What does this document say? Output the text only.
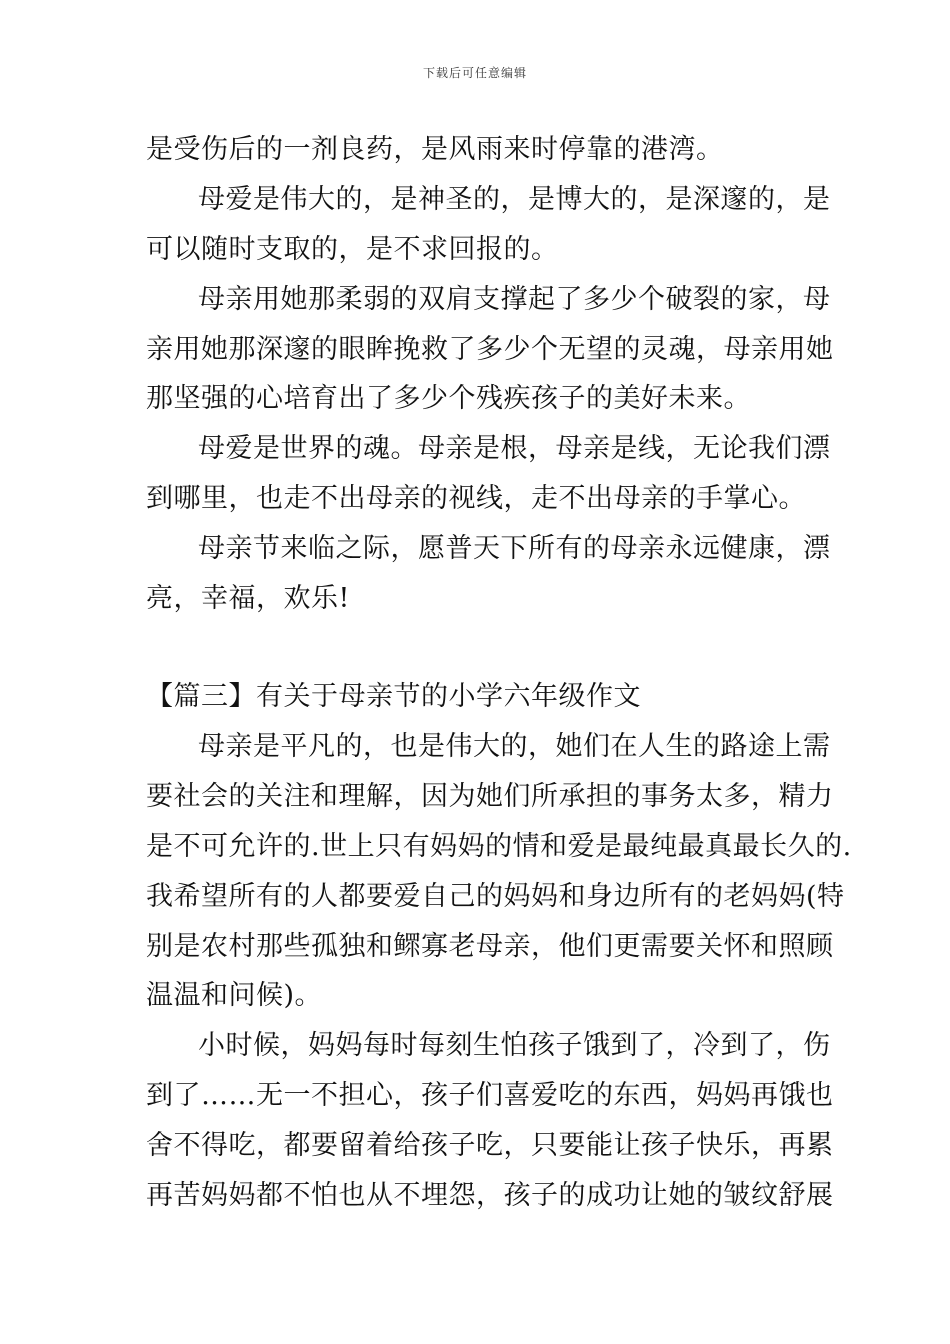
下载后可任意编辑
是受伤后的一剂良药，是风雨来时停靠的港湾。
母爱是伟大的，是神圣的，是博大的，是深邃的，是
可以随时支取的，是不求回报的。
母亲用她那柔弱的双肩支撑起了多少个破裂的家，母
亲用她那深邃的眼眸挽救了多少个无望的灵魂，母亲用她
那坚强的心培育出了多少个残疾孩子的美好未来。
母爱是世界的魂。母亲是根，母亲是线，无论我们漂
到哪里，也走不出母亲的视线，走不出母亲的手掌心。
母亲节来临之际，愿普天下所有的母亲永远健康，漂
亮，幸福，欢乐!
【篇三】有关于母亲节的小学六年级作文
母亲是平凡的，也是伟大的，她们在人生的路途上需
要社会的关注和理解，因为她们所承担的事务太多，精力
是不可允许的.世上只有妈妈的情和爱是最纯最真最长久的.
我希望所有的人都要爱自己的妈妈和身边所有的老妈妈(特
别是农村那些孤独和鳏寡老母亲，他们更需要关怀和照顾
温温和问候)。
小时候，妈妈每时每刻生怕孩子饿到了，冷到了，伤
到了……无一不担心，孩子们喜爱吃的东西，妈妈再饿也
舍不得吃，都要留着给孩子吃，只要能让孩子快乐，再累
再苦妈妈都不怕也从不埋怨，孩子的成功让她的皱纹舒展
